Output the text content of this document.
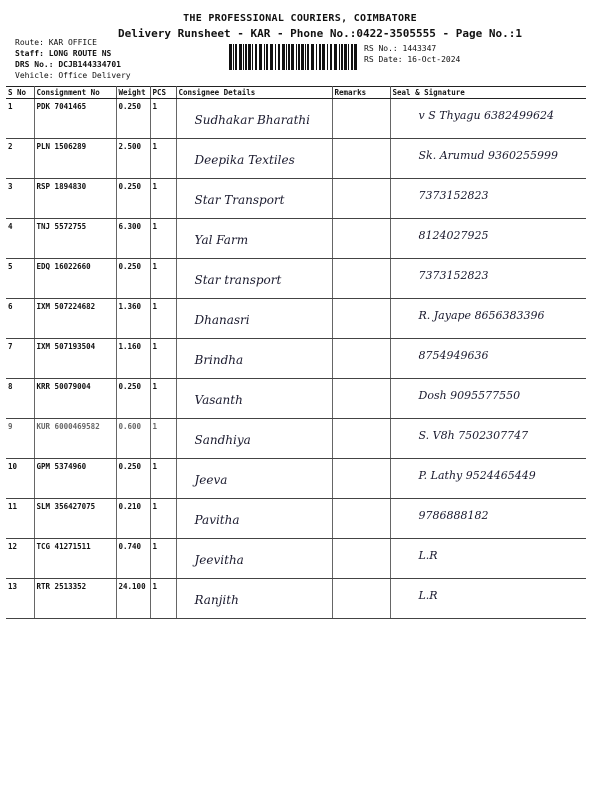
THE PROFESSIONAL COURIERS, COIMBATORE
Delivery Runsheet - KAR - Phone No.:0422-3505555 - Page No.:1
Route: KAR OFFICE
Staff: LONG ROUTE NS
DRS No.: DCJB144334701
Vehicle: Office Delivery
RS No.: 1443347
RS Date: 16-Oct-2024
S No	Consignment No	Weight	PCS	Consignee Details	Remarks	Seal & Signature
1	PDK 7041465	0.250	1	Sudhakar Bharathi		v S Thyagu 6382499624

2	PLN 1506289	2.500	1	Deepika Textiles		Sk. Arumud 9360255999

3	RSP 1894830	0.250	1	Star Transport		7373152823

4	TNJ 5572755	6.300	1	Yal Farm		8124027925

5	EDQ 16022660	0.250	1	Star transport		7373152823

6	IXM 507224682	1.360	1	Dhanasri		R. Jayape 8656383396

7	IXM 507193504	1.160	1	Brindha		8754949636

8	KRR 50079004	0.250	1	Vasanth		Dosh 9095577550

9	KUR 6000469582	0.600	1	Sandhiya		S. V8h 7502307747

10	GPM 5374960	0.250	1	Jeeva		P. Lathy 9524465449

11	SLM 356427075	0.210	1	Pavitha		9786888182

12	TCG 41271511	0.740	1	Jeevitha		L.R

13	RTR 2513352	24.100	1	Ranjith		L.R
